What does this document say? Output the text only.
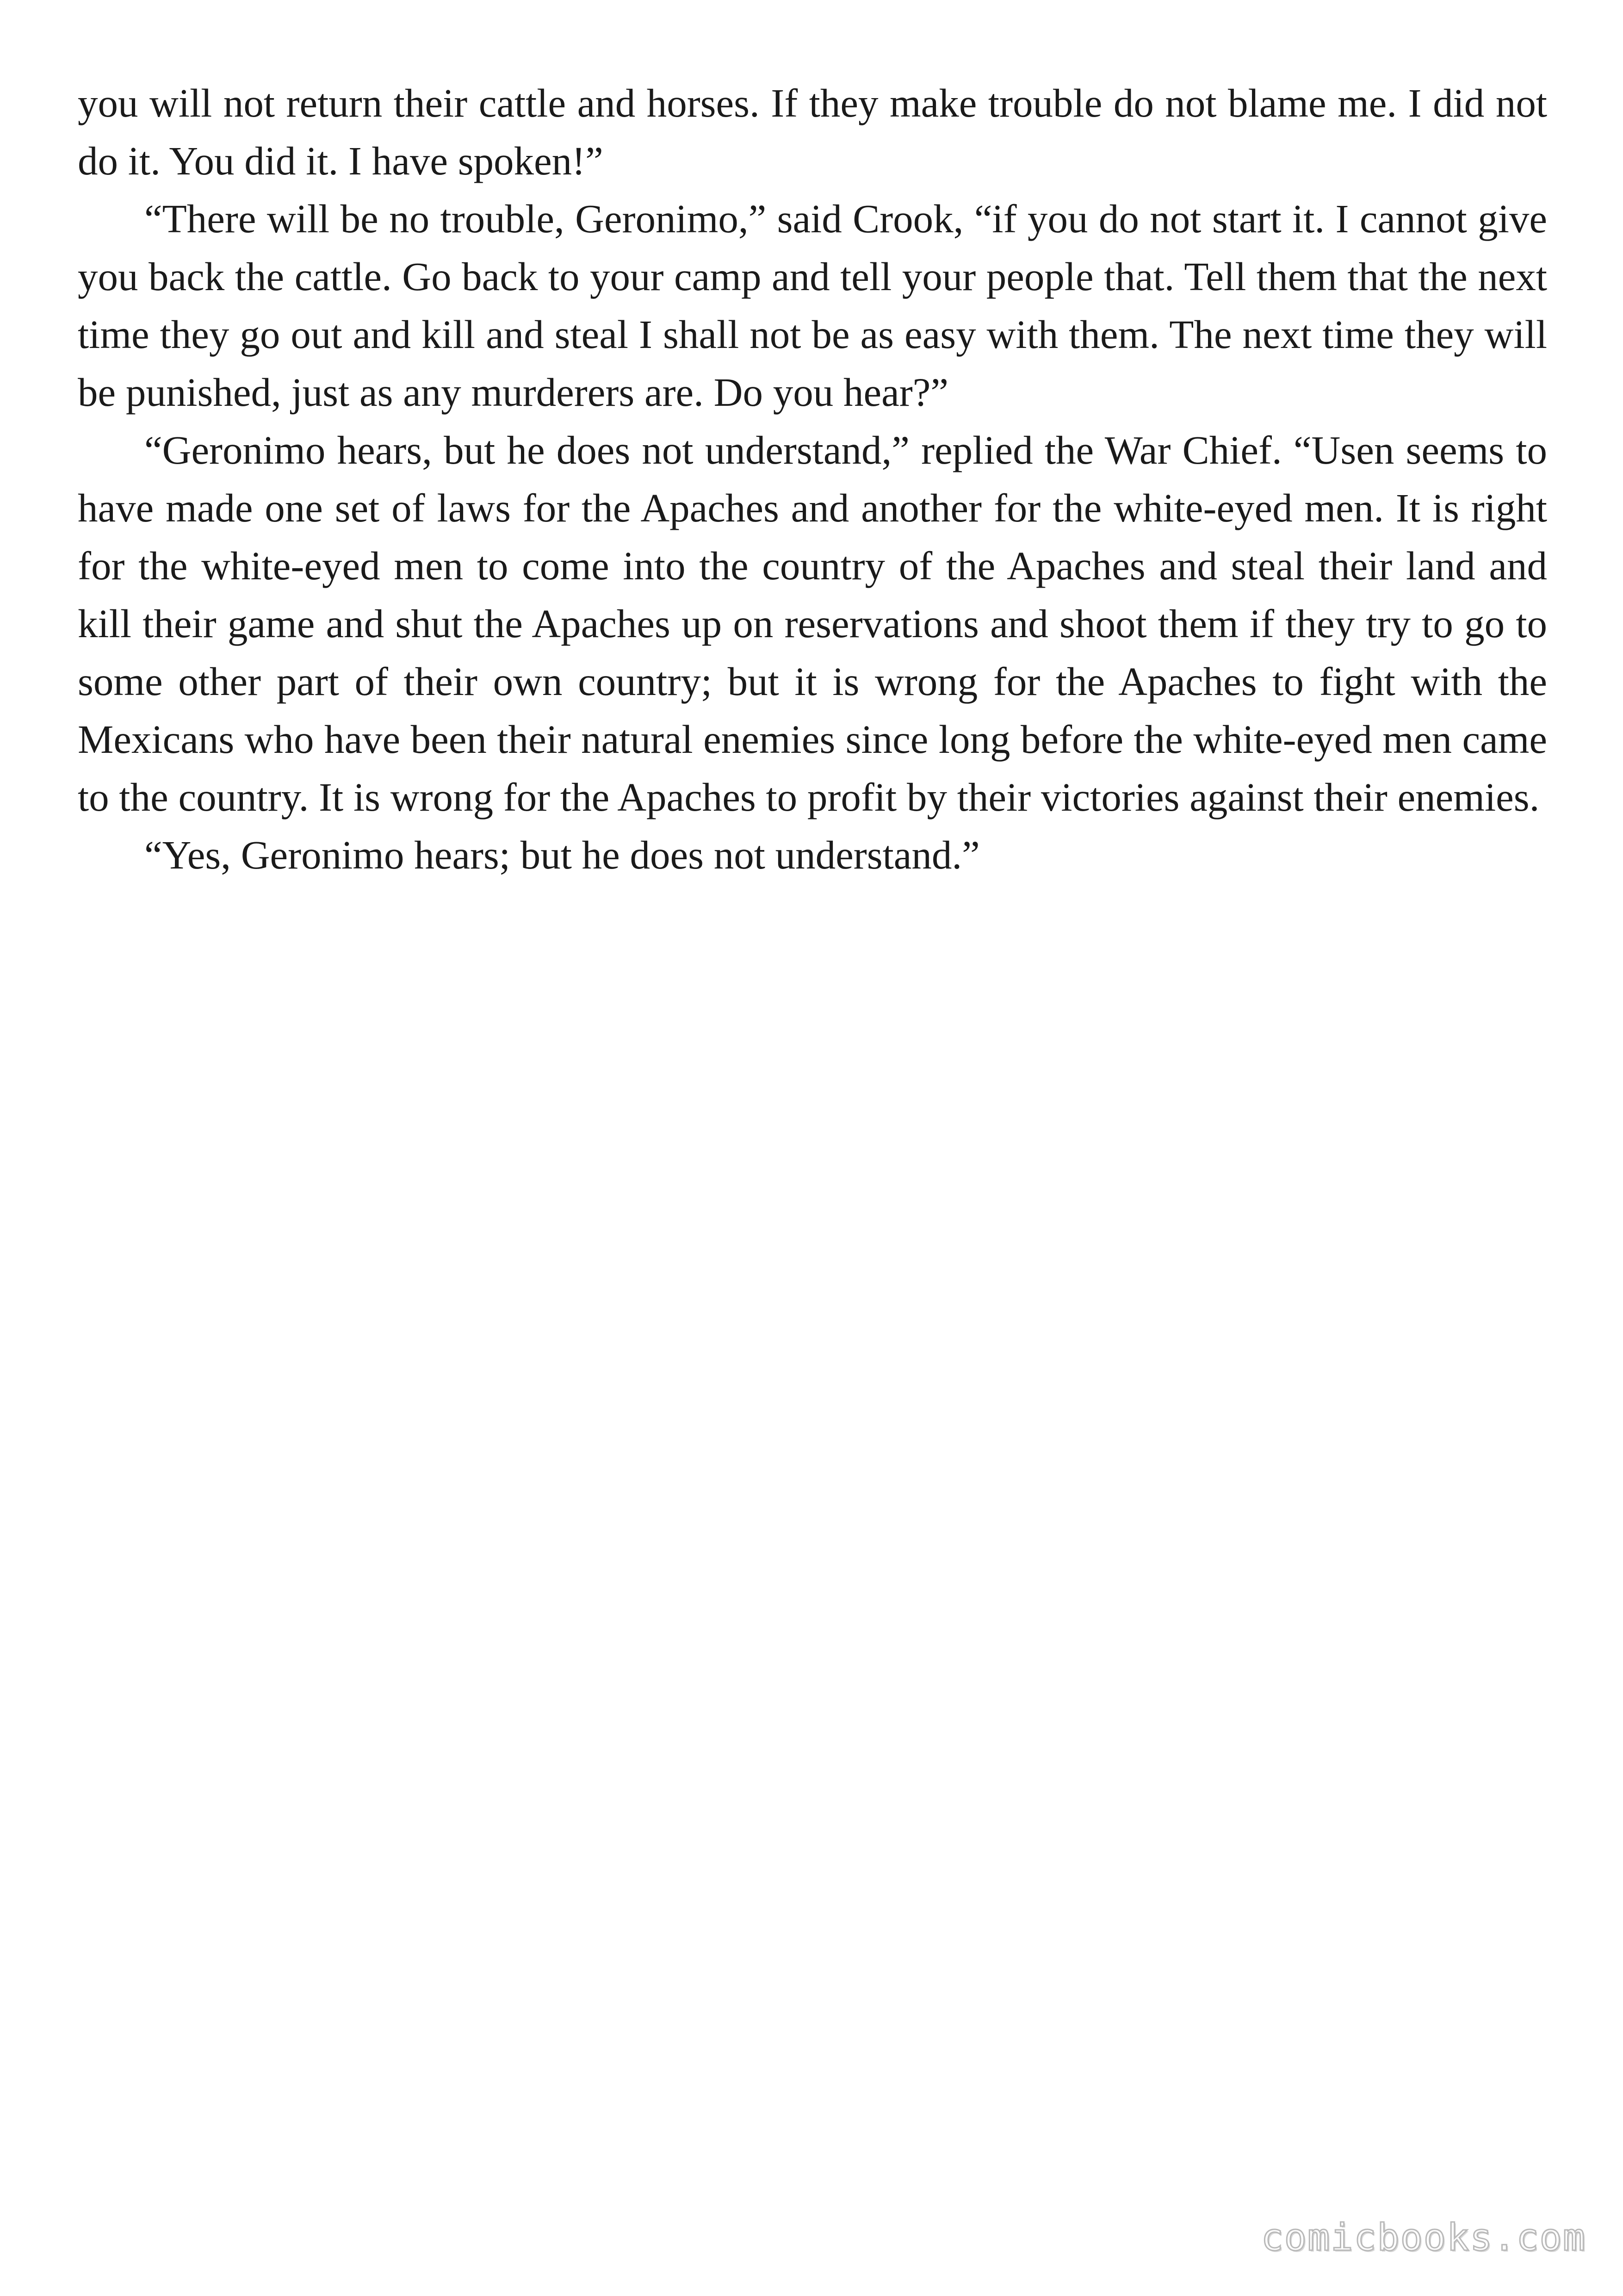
you will not return their cattle and horses. If they make trouble do not blame me. I did not do it. You did it. I have spoken!”

“There will be no trouble, Geronimo,” said Crook, “if you do not start it. I cannot give you back the cattle. Go back to your camp and tell your people that. Tell them that the next time they go out and kill and steal I shall not be as easy with them. The next time they will be punished, just as any murderers are. Do you hear?”

“Geronimo hears, but he does not understand,” replied the War Chief. “Usen seems to have made one set of laws for the Apaches and another for the white-eyed men. It is right for the white-eyed men to come into the country of the Apaches and steal their land and kill their game and shut the Apaches up on reservations and shoot them if they try to go to some other part of their own country; but it is wrong for the Apaches to fight with the Mexicans who have been their natural enemies since long before the white-eyed men came to the country. It is wrong for the Apaches to profit by their victories against their enemies.

“Yes, Geronimo hears; but he does not understand.”

comicbooks.com
